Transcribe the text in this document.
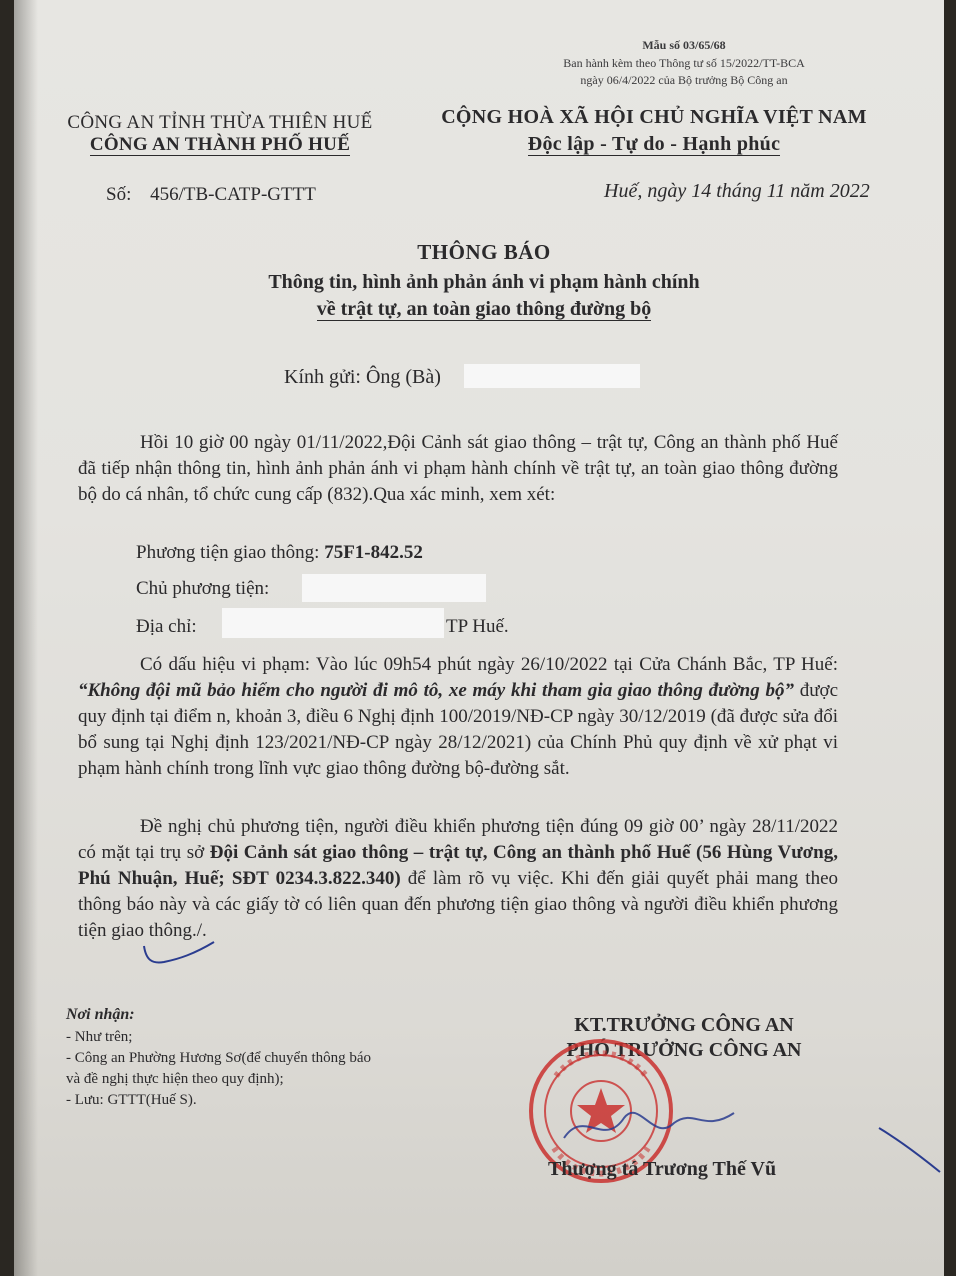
Mẫu số 03/65/68
Ban hành kèm theo Thông tư số 15/2022/TT-BCA
ngày 06/4/2022 của Bộ trưởng Bộ Công an
CÔNG AN TỈNH THỪA THIÊN HUẾ
CÔNG AN THÀNH PHỐ HUẾ
Số: 456/TB-CATP-GTTT
CỘNG HOÀ XÃ HỘI CHỦ NGHĨA VIỆT NAM
Độc lập - Tự do - Hạnh phúc
Huế, ngày 14 tháng 11 năm 2022
THÔNG BÁO
Thông tin, hình ảnh phản ánh vi phạm hành chính
về trật tự, an toàn giao thông đường bộ
Kính gửi: Ông (Bà)
Hồi 10 giờ 00 ngày 01/11/2022,Đội Cảnh sát giao thông – trật tự, Công an thành phố Huế đã tiếp nhận thông tin, hình ảnh phản ánh vi phạm hành chính về trật tự, an toàn giao thông đường bộ do cá nhân, tổ chức cung cấp (832).Qua xác minh, xem xét:
Phương tiện giao thông: 75F1-842.52
Chủ phương tiện:
Địa chỉ:	TP Huế.
Có dấu hiệu vi phạm: Vào lúc 09h54 phút ngày 26/10/2022 tại Cửa Chánh Bắc, TP Huế: “Không đội mũ bảo hiểm cho người đi mô tô, xe máy khi tham gia giao thông đường bộ” được quy định tại điểm n, khoản 3, điều 6 Nghị định 100/2019/NĐ-CP ngày 30/12/2019 (đã được sửa đổi bổ sung tại Nghị định 123/2021/NĐ-CP ngày 28/12/2021) của Chính Phủ quy định về xử phạt vi phạm hành chính trong lĩnh vực giao thông đường bộ-đường sắt.
Đề nghị chủ phương tiện, người điều khiển phương tiện đúng 09 giờ 00’ ngày 28/11/2022 có mặt tại trụ sở Đội Cảnh sát giao thông – trật tự, Công an thành phố Huế (56 Hùng Vương, Phú Nhuận, Huế; SĐT 0234.3.822.340) để làm rõ vụ việc. Khi đến giải quyết phải mang theo thông báo này và các giấy tờ có liên quan đến phương tiện giao thông và người điều khiển phương tiện giao thông./.
Nơi nhận:
- Như trên;
- Công an Phường Hương Sơ(để chuyển thông báo
và đề nghị thực hiện theo quy định);
- Lưu: GTTT(Huế S).
KT.TRƯỞNG CÔNG AN
PHÓ TRƯỞNG CÔNG AN
Thượng tá Trương Thế Vũ
